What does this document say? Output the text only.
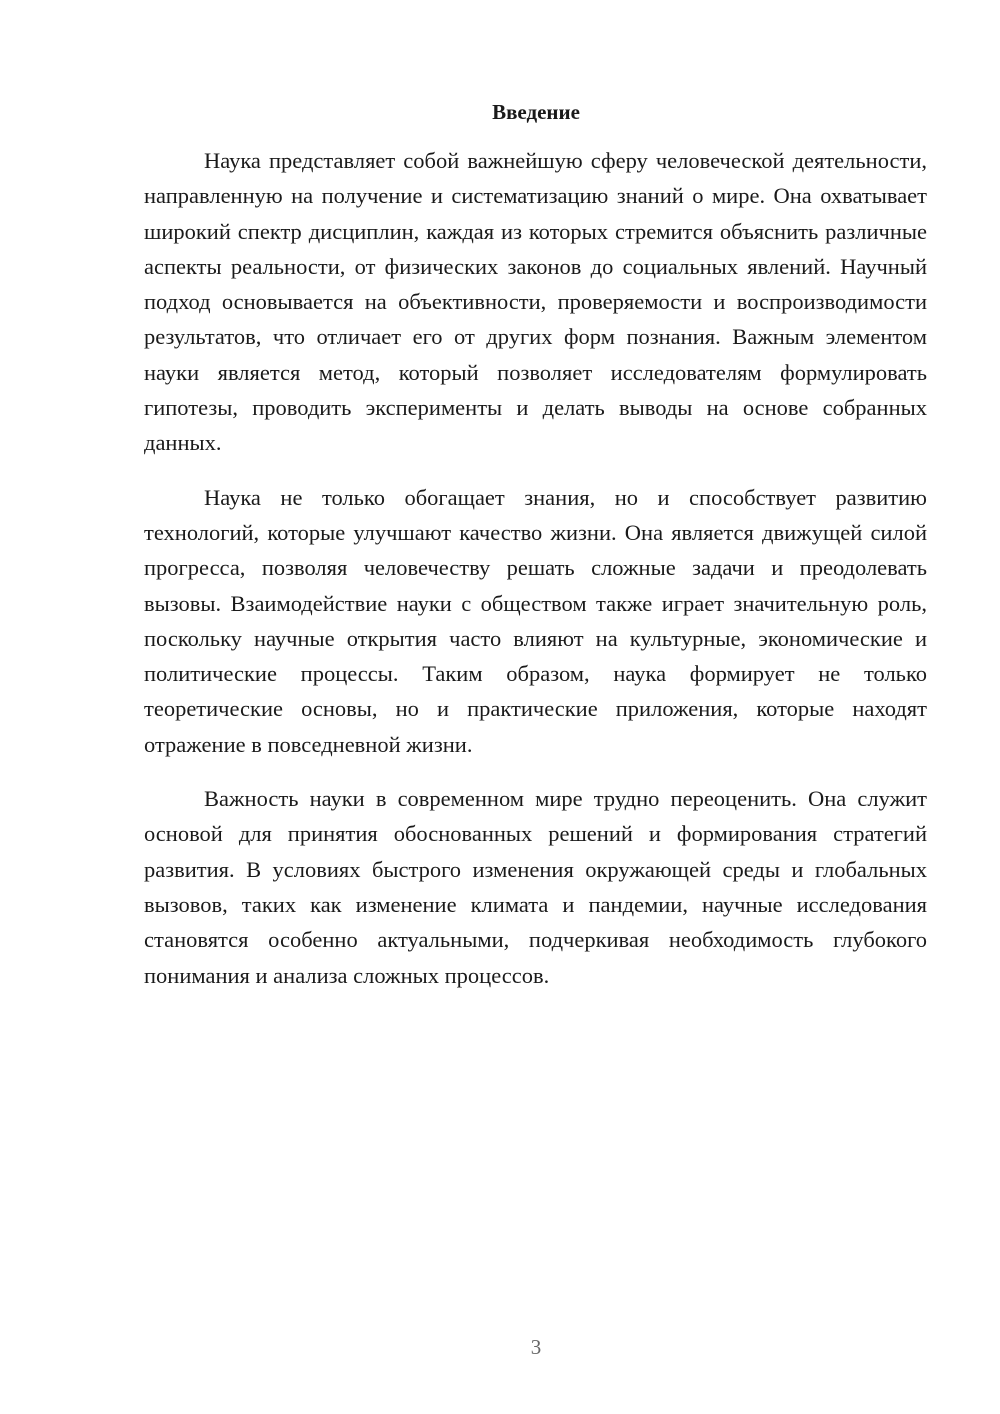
Введение

Наука представляет собой важнейшую сферу человеческой деятельности, направленную на получение и систематизацию знаний о мире. Она охватывает широкий спектр дисциплин, каждая из которых стремится объяснить различные аспекты реальности, от физических законов до социальных явлений. Научный подход основывается на объективности, проверяемости и воспроизводимости результатов, что отличает его от других форм познания. Важным элементом науки является метод, который позволяет исследователям формулировать гипотезы, проводить эксперименты и делать выводы на основе собранных данных.

Наука не только обогащает знания, но и способствует развитию технологий, которые улучшают качество жизни. Она является движущей силой прогресса, позволяя человечеству решать сложные задачи и преодолевать вызовы. Взаимодействие науки с обществом также играет значительную роль, поскольку научные открытия часто влияют на культурные, экономические и политические процессы. Таким образом, наука формирует не только теоретические основы, но и практические приложения, которые находят отражение в повседневной жизни.

Важность науки в современном мире трудно переоценить. Она служит основой для принятия обоснованных решений и формирования стратегий развития. В условиях быстрого изменения окружающей среды и глобальных вызовов, таких как изменение климата и пандемии, научные исследования становятся особенно актуальными, подчеркивая необходимость глубокого понимания и анализа сложных процессов.

3
